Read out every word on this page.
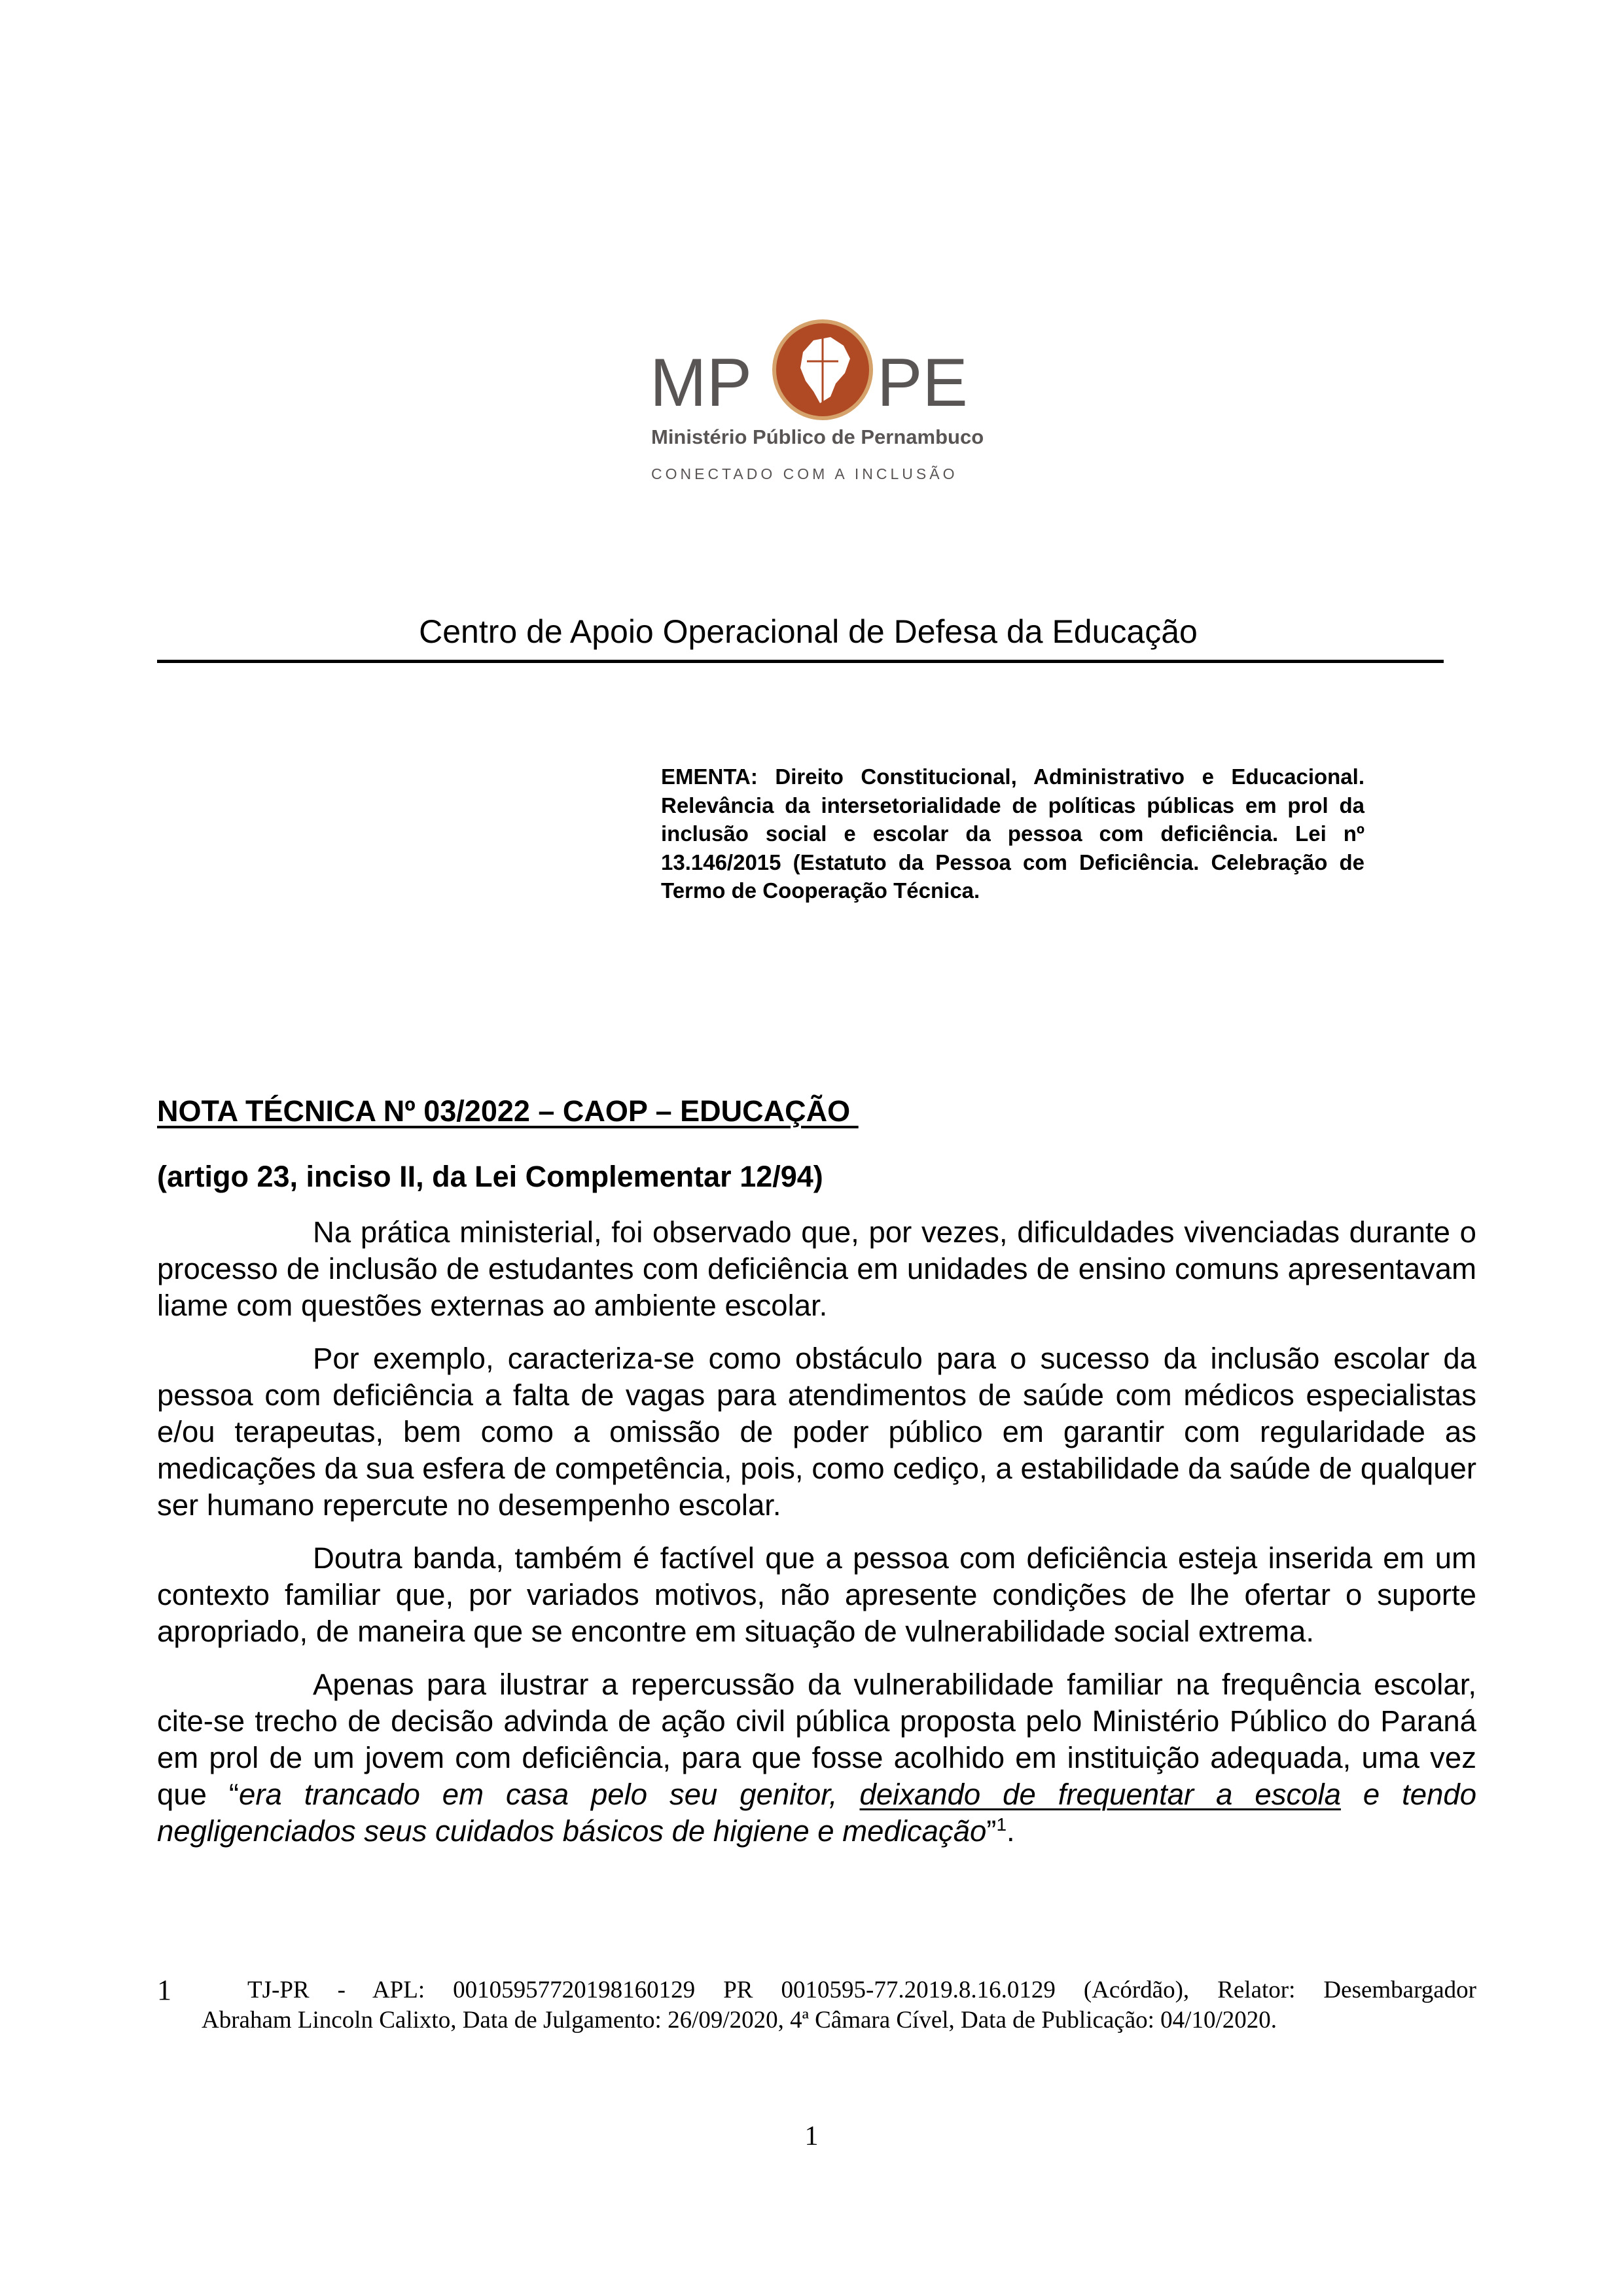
MP PE
Ministério Público de Pernambuco
CONECTADO COM A INCLUSÃO
Centro de Apoio Operacional de Defesa da Educação
EMENTA: Direito Constitucional, Administrativo e Educacional. Relevância da intersetorialidade de políticas públicas em prol da inclusão social e escolar da pessoa com deficiência. Lei nº 13.146/2015 (Estatuto da Pessoa com Deficiência. Celebração de Termo de Cooperação Técnica.
NOTA TÉCNICA Nº 03/2022 – CAOP – EDUCAÇÃO
(artigo 23, inciso II, da Lei Complementar 12/94)

Na prática ministerial, foi observado que, por vezes, dificuldades vivenciadas durante o processo de inclusão de estudantes com deficiência em unidades de ensino comuns apresentavam liame com questões externas ao ambiente escolar.

Por exemplo, caracteriza-se como obstáculo para o sucesso da inclusão escolar da pessoa com deficiência a falta de vagas para atendimentos de saúde com médicos especialistas e/ou terapeutas, bem como a omissão de poder público em garantir com regularidade as medicações da sua esfera de competência, pois, como cediço, a estabilidade da saúde de qualquer ser humano repercute no desempenho escolar.

Doutra banda, também é factível que a pessoa com deficiência esteja inserida em um contexto familiar que, por variados motivos, não apresente condições de lhe ofertar o suporte apropriado, de maneira que se encontre em situação de vulnerabilidade social extrema.

Apenas para ilustrar a repercussão da vulnerabilidade familiar na frequência escolar, cite-se trecho de decisão advinda de ação civil pública proposta pelo Ministério Público do Paraná em prol de um jovem com deficiência, para que fosse acolhido em instituição adequada, uma vez que “era trancado em casa pelo seu genitor, deixando de frequentar a escola e tendo negligenciados seus cuidados básicos de higiene e medicação”$^1$.

1	TJ-PR - APL: 00105957720198160129 PR 0010595-77.2019.8.16.0129 (Acórdão), Relator: Desembargador
Abraham Lincoln Calixto, Data de Julgamento: 26/09/2020, 4ª Câmara Cível, Data de Publicação: 04/10/2020.
1
